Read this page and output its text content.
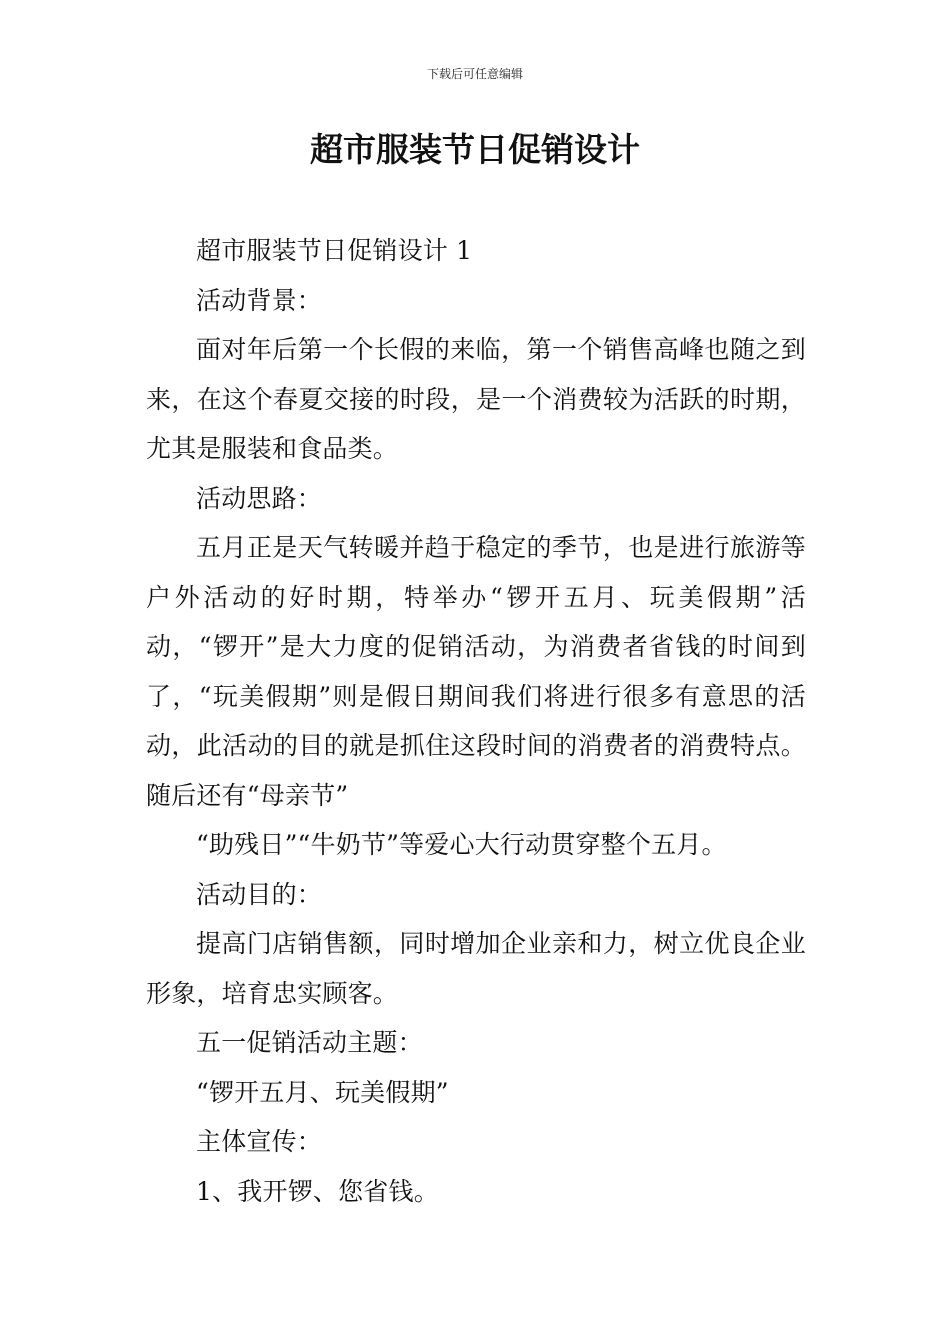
下载后可任意编辑
超市服装节日促销设计

超市服装节日促销设计 1

活动背景：

面对年后第一个长假的来临，第一个销售高峰也随之到来，在这个春夏交接的时段，是一个消费较为活跃的时期，尤其是服装和食品类。

活动思路：

五月正是天气转暖并趋于稳定的季节，也是进行旅游等户外活动的好时期，特举办“锣开五月、玩美假期”活动，“锣开”是大力度的促销活动，为消费者省钱的时间到了，“玩美假期”则是假日期间我们将进行很多有意思的活动，此活动的目的就是抓住这段时间的消费者的消费特点。随后还有“母亲节”

“助残日”“牛奶节”等爱心大行动贯穿整个五月。

活动目的：

提高门店销售额，同时增加企业亲和力，树立优良企业形象，培育忠实顾客。

五一促销活动主题：

“锣开五月、玩美假期”

主体宣传：

1、我开锣、您省钱。
